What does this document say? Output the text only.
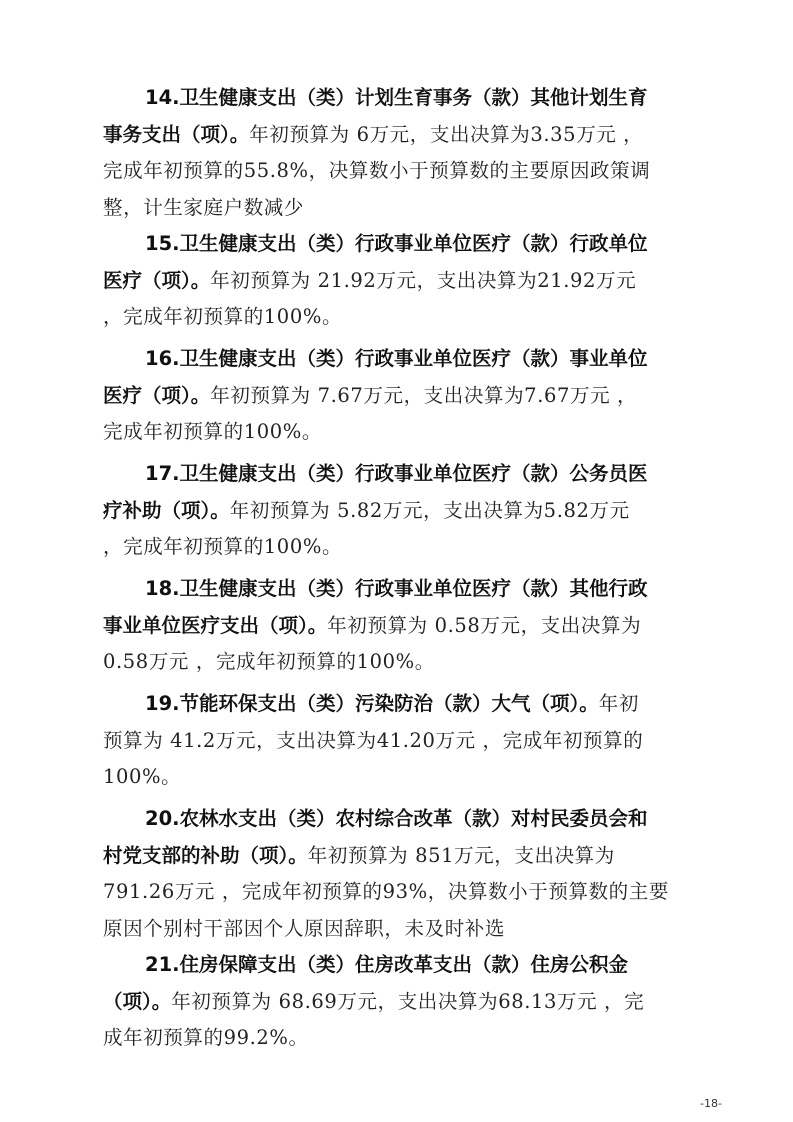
14.卫生健康支出（类）计划生育事务（款）其他计划生育
事务支出（项）。年初预算为 6万元，支出决算为3.35万元 ，
完成年初预算的55.8%，决算数小于预算数的主要原因政策调
整，计生家庭户数减少
15.卫生健康支出（类）行政事业单位医疗（款）行政单位
医疗（项）。年初预算为 21.92万元，支出决算为21.92万元
，完成年初预算的100%。
16.卫生健康支出（类）行政事业单位医疗（款）事业单位
医疗（项）。年初预算为 7.67万元，支出决算为7.67万元 ，
完成年初预算的100%。
17.卫生健康支出（类）行政事业单位医疗（款）公务员医
疗补助（项）。年初预算为 5.82万元，支出决算为5.82万元
，完成年初预算的100%。
18.卫生健康支出（类）行政事业单位医疗（款）其他行政
事业单位医疗支出（项）。年初预算为 0.58万元，支出决算为
0.58万元 ，完成年初预算的100%。
19.节能环保支出（类）污染防治（款）大气（项）。年初
预算为 41.2万元，支出决算为41.20万元 ，完成年初预算的
100%。
20.农林水支出（类）农村综合改革（款）对村民委员会和
村党支部的补助（项）。年初预算为 851万元，支出决算为
791.26万元 ，完成年初预算的93%，决算数小于预算数的主要
原因个别村干部因个人原因辞职，未及时补选
21.住房保障支出（类）住房改革支出（款）住房公积金
（项）。年初预算为 68.69万元，支出决算为68.13万元 ，完
成年初预算的99.2%。
-18-
